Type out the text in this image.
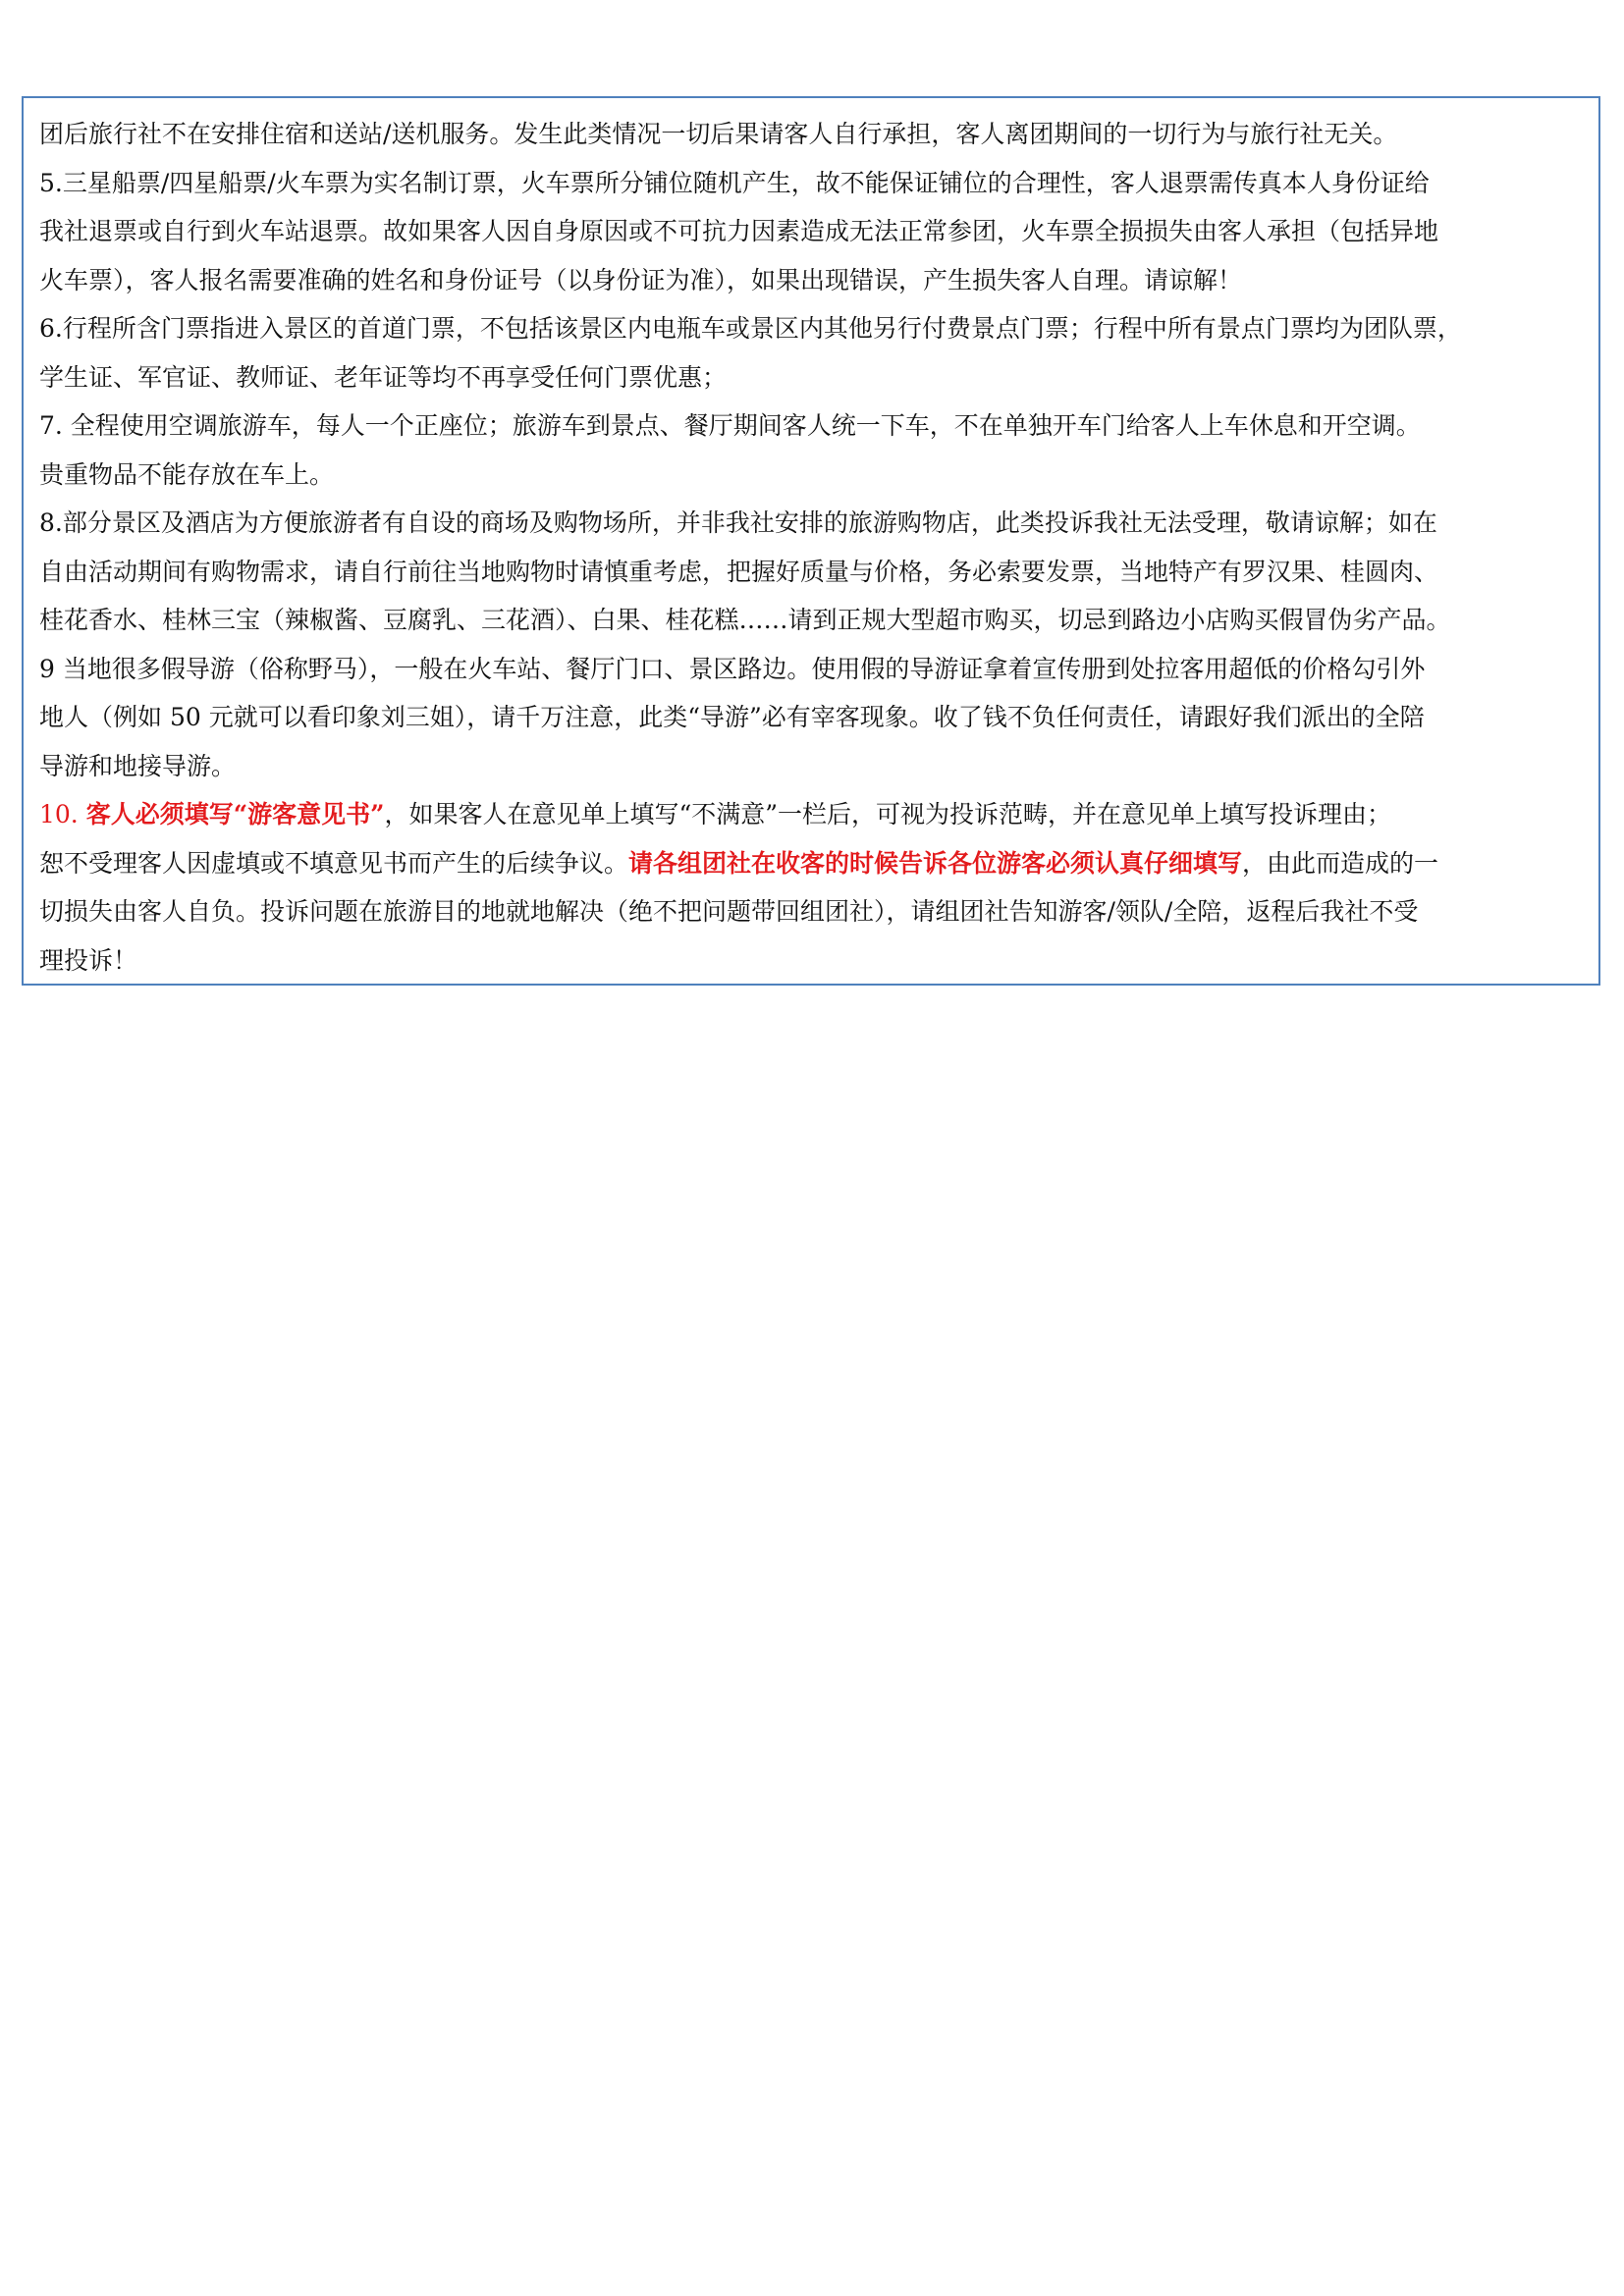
团后旅行社不在安排住宿和送站/送机服务。发生此类情况一切后果请客人自行承担，客人离团期间的一切行为与旅行社无关。
5.三星船票/四星船票/火车票为实名制订票，火车票所分铺位随机产生，故不能保证铺位的合理性，客人退票需传真本人身份证给
我社退票或自行到火车站退票。故如果客人因自身原因或不可抗力因素造成无法正常参团，火车票全损损失由客人承担（包括异地
火车票），客人报名需要准确的姓名和身份证号（以身份证为准），如果出现错误，产生损失客人自理。请谅解！
6.行程所含门票指进入景区的首道门票，不包括该景区内电瓶车或景区内其他另行付费景点门票；行程中所有景点门票均为团队票，
学生证、军官证、教师证、老年证等均不再享受任何门票优惠；
7. 全程使用空调旅游车，每人一个正座位；旅游车到景点、餐厅期间客人统一下车，不在单独开车门给客人上车休息和开空调。
贵重物品不能存放在车上。
8.部分景区及酒店为方便旅游者有自设的商场及购物场所，并非我社安排的旅游购物店，此类投诉我社无法受理，敬请谅解；如在
自由活动期间有购物需求，请自行前往当地购物时请慎重考虑，把握好质量与价格，务必索要发票，当地特产有罗汉果、桂圆肉、
桂花香水、桂林三宝（辣椒酱、豆腐乳、三花酒）、白果、桂花糕……请到正规大型超市购买，切忌到路边小店购买假冒伪劣产品。
9 当地很多假导游（俗称野马），一般在火车站、餐厅门口、景区路边。使用假的导游证拿着宣传册到处拉客用超低的价格勾引外
地人（例如 50 元就可以看印象刘三姐），请千万注意，此类“导游”必有宰客现象。收了钱不负任何责任，请跟好我们派出的全陪
导游和地接导游。
10. 客人必须填写“游客意见书”，如果客人在意见单上填写“不满意”一栏后，可视为投诉范畴，并在意见单上填写投诉理由；
恕不受理客人因虚填或不填意见书而产生的后续争议。请各组团社在收客的时候告诉各位游客必须认真仔细填写，由此而造成的一
切损失由客人自负。投诉问题在旅游目的地就地解决（绝不把问题带回组团社），请组团社告知游客/领队/全陪，返程后我社不受
理投诉！
